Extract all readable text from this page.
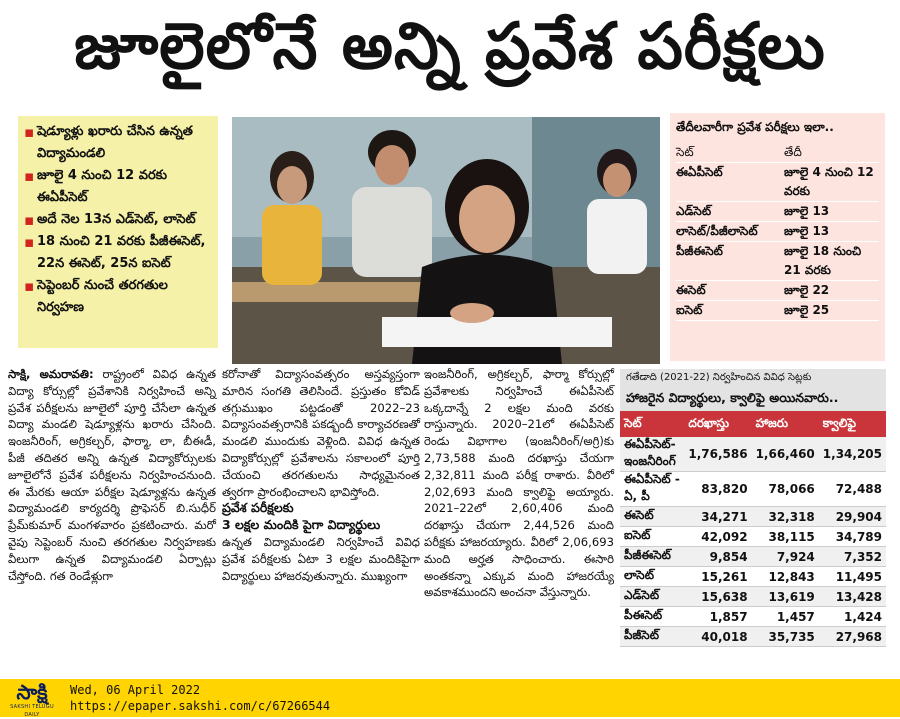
జూలైలోనే అన్ని ప్రవేశ పరీక్షలు
▪ షెడ్యూళ్లు ఖరారు చేసిన ఉన్నత విద్యామండలి
▪ జూలై 4 నుంచి 12 వరకు ఈఏపీసెట్
▪ అదే నెల 13న ఎడ్‌సెట్, లాసెట్
▪ 18 నుంచి 21 వరకు పీజీఈసెట్, 22న ఈసెట్, 25న ఐసెట్
▪ సెప్టెంబర్ నుంచే తరగతుల నిర్వహణ
తేదీలవారీగా ప్రవేశ పరీక్షలు ఇలా..
సెట్	తేదీ
ఈఏపీసెట్	జూలై 4 నుంచి 12 వరకు
ఎడ్‌సెట్	జూలై 13
లాసెట్/పీజీలాసెట్	జూలై 13
పీజీఈసెట్	జూలై 18 నుంచి 21 వరకు
ఈసెట్	జూలై 22
ఐసెట్	జూలై 25
సాక్షి, అమరావతి: రాష్ట్రంలో వివిధ ఉన్నత విద్యా కోర్సుల్లో ప్రవేశానికి నిర్వహించే అన్ని ప్రవేశ పరీక్షలను జూలైలో పూర్తి చేసేలా ఉన్నత విద్యా మండలి షెడ్యూళ్లను ఖరారు చేసింది. ఇంజనీరింగ్, అగ్రికల్చర్, ఫార్మా, లా, బీఈడీ, పీజీ తదితర అన్ని ఉన్నత విద్యాకోర్సులకు జూలైలోనే ప్రవేశ పరీక్షలను నిర్వహించనుంది. ఈ మేరకు ఆయా పరీక్షల షెడ్యూళ్లను ఉన్నత విద్యామండలి కార్యదర్శి ప్రొఫెసర్ బి.సుధీర్ ప్రేమ్‌కుమార్ మంగళవారం ప్రకటించారు. మరో వైపు సెప్టెంబర్ నుంచి తరగతుల నిర్వహణకు వీలుగా ఉన్నత విద్యామండలి ఏర్పాట్లు చేస్తోంది. గత రెండేళ్లుగా
కరోనాతో విద్యాసంవత్సరం అస్తవ్యస్తంగా మారిన సంగతి తెలిసిందే. ప్రస్తుతం కోవిడ్ తగ్గుముఖం పట్టడంతో 2022–23 విద్యాసంవత్సరానికి పకడ్బందీ కార్యాచరణతో మండలి ముందుకు వెళ్లింది. వివిధ ఉన్నత విద్యాకోర్సుల్లో ప్రవేశాలను సకాలంలో పూర్తి చేయంచి తరగతులను సాధ్యమైనంత త్వరగా ప్రారంభించాలని భావిస్తోంది.
ప్రవేశ పరీక్షలకు
3 లక్షల మందికి పైగా విద్యార్థులు
ఉన్నత విద్యామండలి నిర్వహించే వివిధ ప్రవేశ పరీక్షలకు ఏటా 3 లక్షల మందికిపైగా విద్యార్థులు హాజరవుతున్నారు. ముఖ్యంగా
ఇంజనీరింగ్, అగ్రికల్చర్, ఫార్మా కోర్సుల్లో ప్రవేశాలకు నిర్వహించే ఈఏపీసెట్ ఒక్కదాన్నే 2 లక్షల మంది వరకు రాస్తున్నారు. 2020–21లో ఈఏపీసెట్ రెండు విభాగాల (ఇంజనీరింగ్/అగ్రి)కు 2,73,588 మంది దరఖాస్తు చేయగా 2,32,811 మంది పరీక్ష రాశారు. వీరిలో 2,02,693 మంది క్వాలిఫై అయ్యారు. 2021–22లో 2,60,406 మంది దరఖాస్తు చేయగా 2,44,526 మంది పరీక్షకు హాజరయ్యారు. వీరిలో 2,06,693 మంది అర్హత సాధించారు. ఈసారి అంతకన్నా ఎక్కువ మంది హాజరయ్యే అవకాశముందని అంచనా వేస్తున్నారు.
గతేడాది (2021-22) నిర్వహించిన వివిధ సెట్లకు
హాజరైన విద్యార్థులు, క్వాలిఫై అయినవారు..
సెట్	దరఖాస్తు	హాజరు	క్వాలిఫై
ఈఏపీసెట్- ఇంజనీరింగ్	1,76,586	1,66,460	1,34,205
ఈఏపీసెట్ - ఏ, పీ	83,820	78,066	72,488
ఈసెట్	34,271	32,318	29,904
ఐసెట్	42,092	38,115	34,789
పీజీఈసెట్	9,854	7,924	7,352
లాసెట్	15,261	12,843	11,495
ఎడ్‌సెట్	15,638	13,619	13,428
పీఈసెట్	1,857	1,457	1,424
పీజీసెట్	40,018	35,735	27,968
సాక్షి
SAKSHI TELUGU DAILY
Wed, 06 April 2022
https://epaper.sakshi.com/c/67266544
